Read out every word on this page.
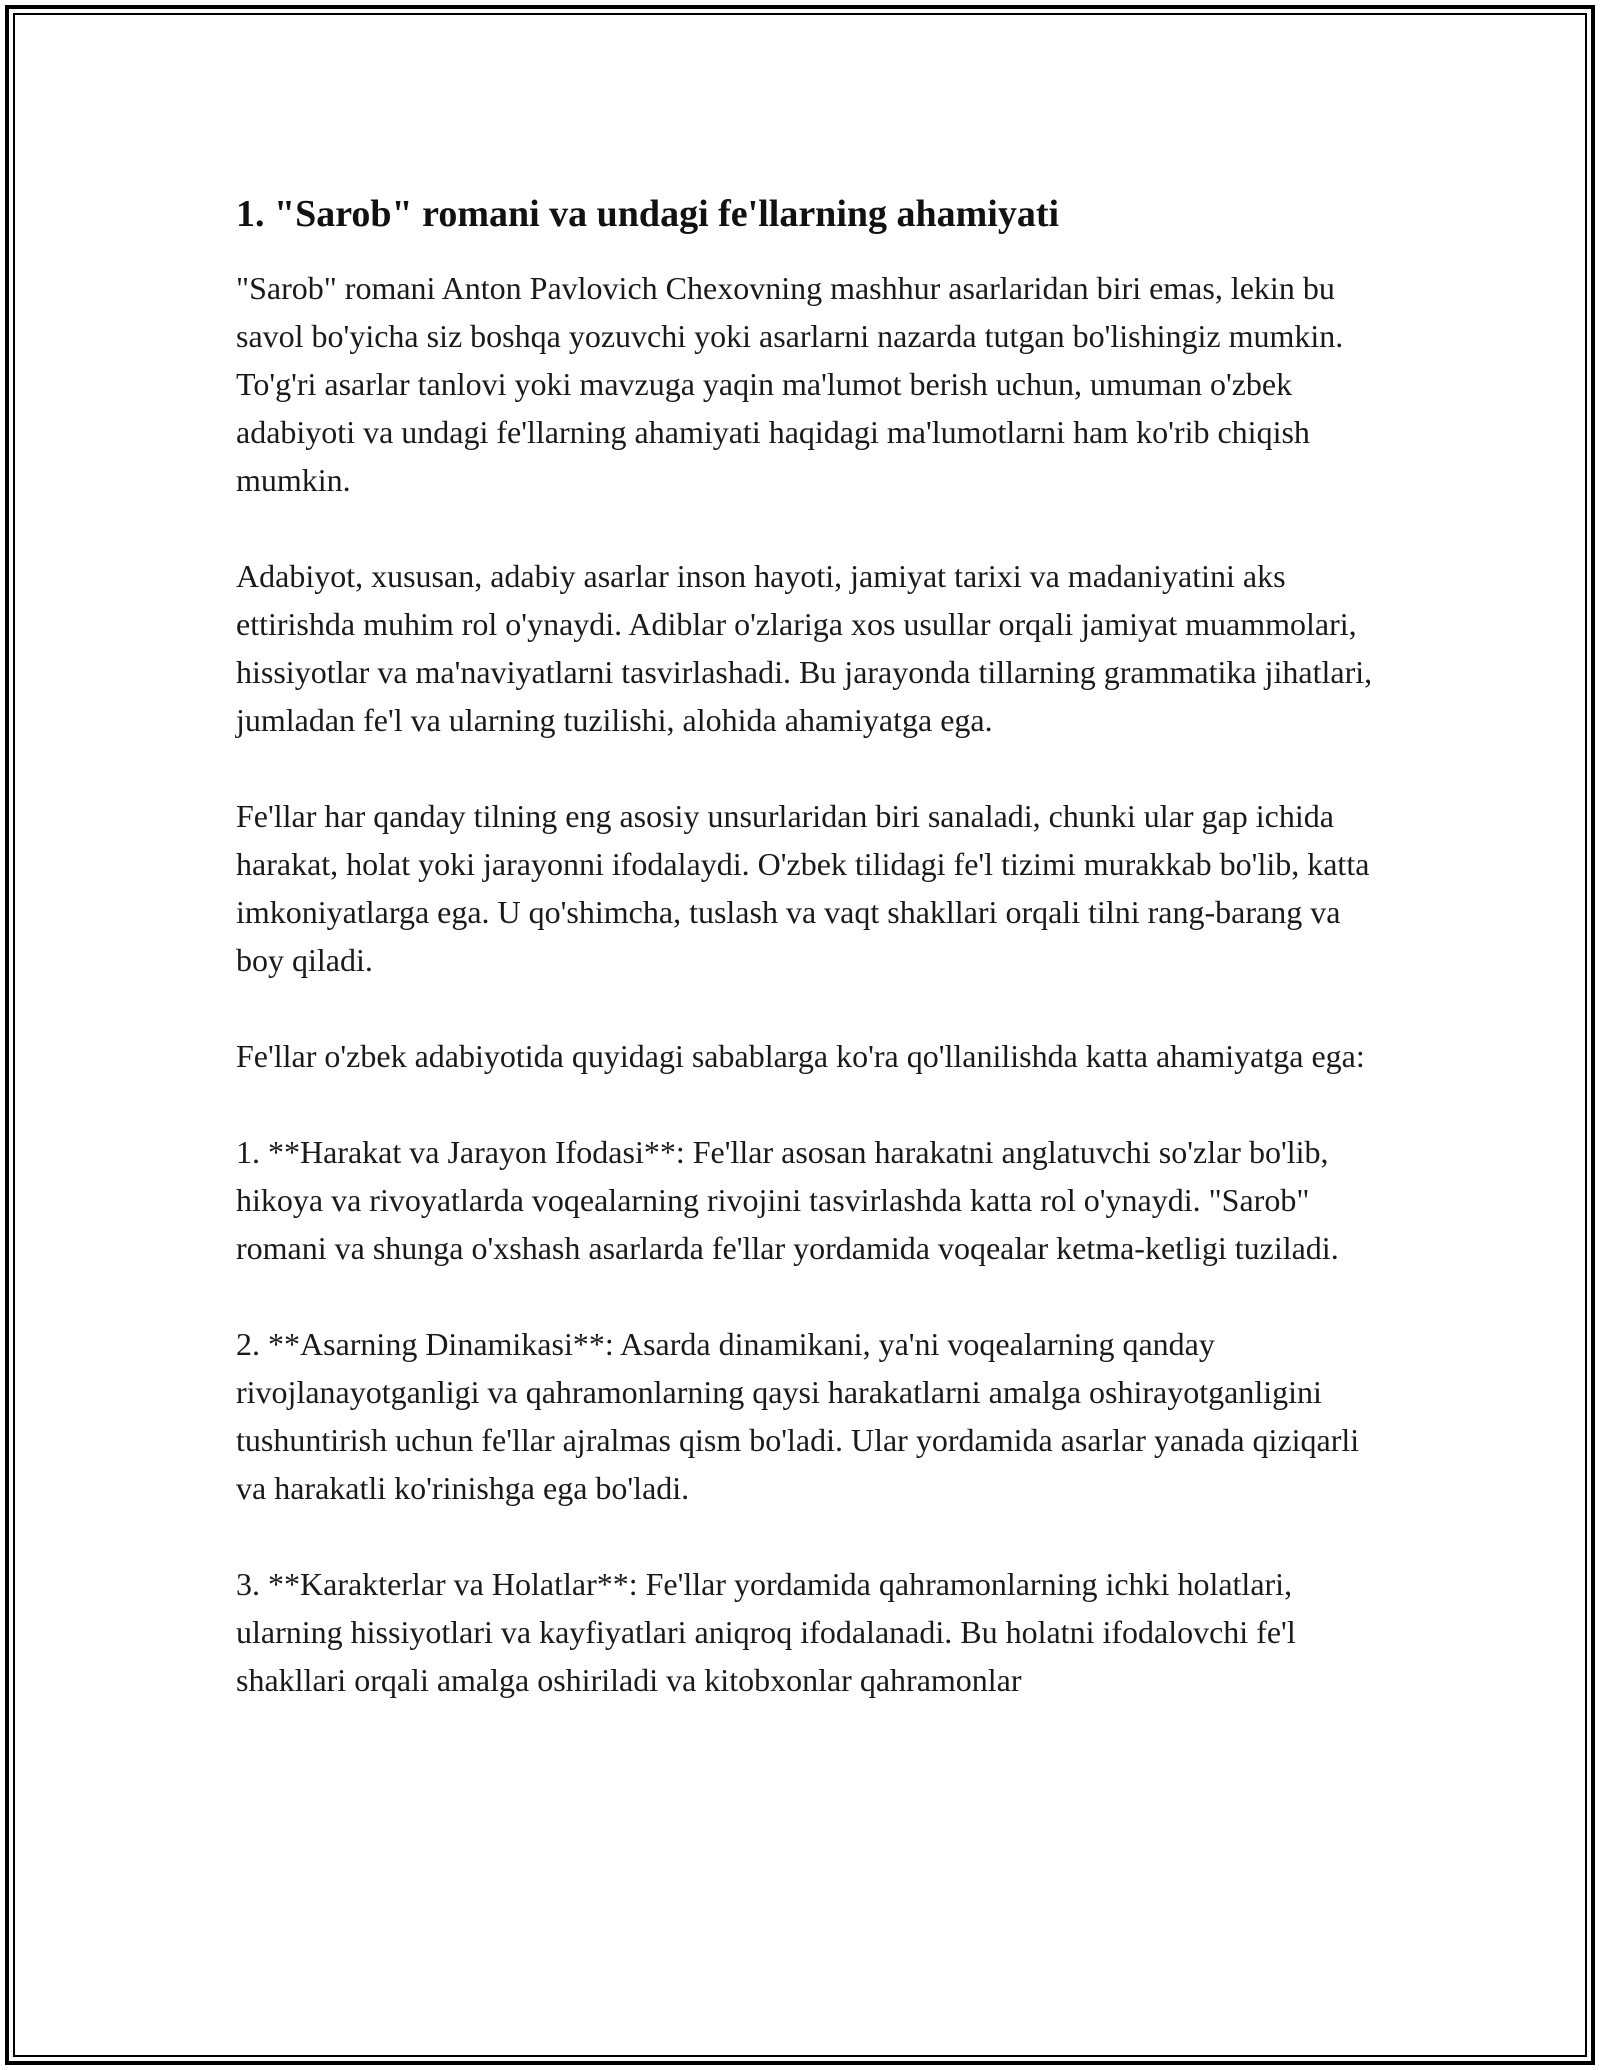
1. "Sarob" romani va undagi fe'llarning ahamiyati

"Sarob" romani Anton Pavlovich Chexovning mashhur asarlaridan biri emas, lekin bu savol bo'yicha siz boshqa yozuvchi yoki asarlarni nazarda tutgan bo'lishingiz mumkin. To'g'ri asarlar tanlovi yoki mavzuga yaqin ma'lumot berish uchun, umuman o'zbek adabiyoti va undagi fe'llarning ahamiyati haqidagi ma'lumotlarni ham ko'rib chiqish mumkin.

Adabiyot, xususan, adabiy asarlar inson hayoti, jamiyat tarixi va madaniyatini aks ettirishda muhim rol o'ynaydi. Adiblar o'zlariga xos usullar orqali jamiyat muammolari, hissiyotlar va ma'naviyatlarni tasvirlashadi. Bu jarayonda tillarning grammatika jihatlari, jumladan fe'l va ularning tuzilishi, alohida ahamiyatga ega.

Fe'llar har qanday tilning eng asosiy unsurlaridan biri sanaladi, chunki ular gap ichida harakat, holat yoki jarayonni ifodalaydi. O'zbek tilidagi fe'l tizimi murakkab bo'lib, katta imkoniyatlarga ega. U qo'shimcha, tuslash va vaqt shakllari orqali tilni rang-barang va boy qiladi.

Fe'llar o'zbek adabiyotida quyidagi sabablarga ko'ra qo'llanilishda katta ahamiyatga ega:

1. **Harakat va Jarayon Ifodasi**: Fe'llar asosan harakatni anglatuvchi so'zlar bo'lib, hikoya va rivoyatlarda voqealarning rivojini tasvirlashda katta rol o'ynaydi. "Sarob" romani va shunga o'xshash asarlarda fe'llar yordamida voqealar ketma-ketligi tuziladi.

2. **Asarning Dinamikasi**: Asarda dinamikani, ya'ni voqealarning qanday rivojlanayotganligi va qahramonlarning qaysi harakatlarni amalga oshirayotganligini tushuntirish uchun fe'llar ajralmas qism bo'ladi. Ular yordamida asarlar yanada qiziqarli va harakatli ko'rinishga ega bo'ladi.

3. **Karakterlar va Holatlar**: Fe'llar yordamida qahramonlarning ichki holatlari, ularning hissiyotlari va kayfiyatlari aniqroq ifodalanadi. Bu holatni ifodalovchi fe'l shakllari orqali amalga oshiriladi va kitobxonlar qahramonlar
